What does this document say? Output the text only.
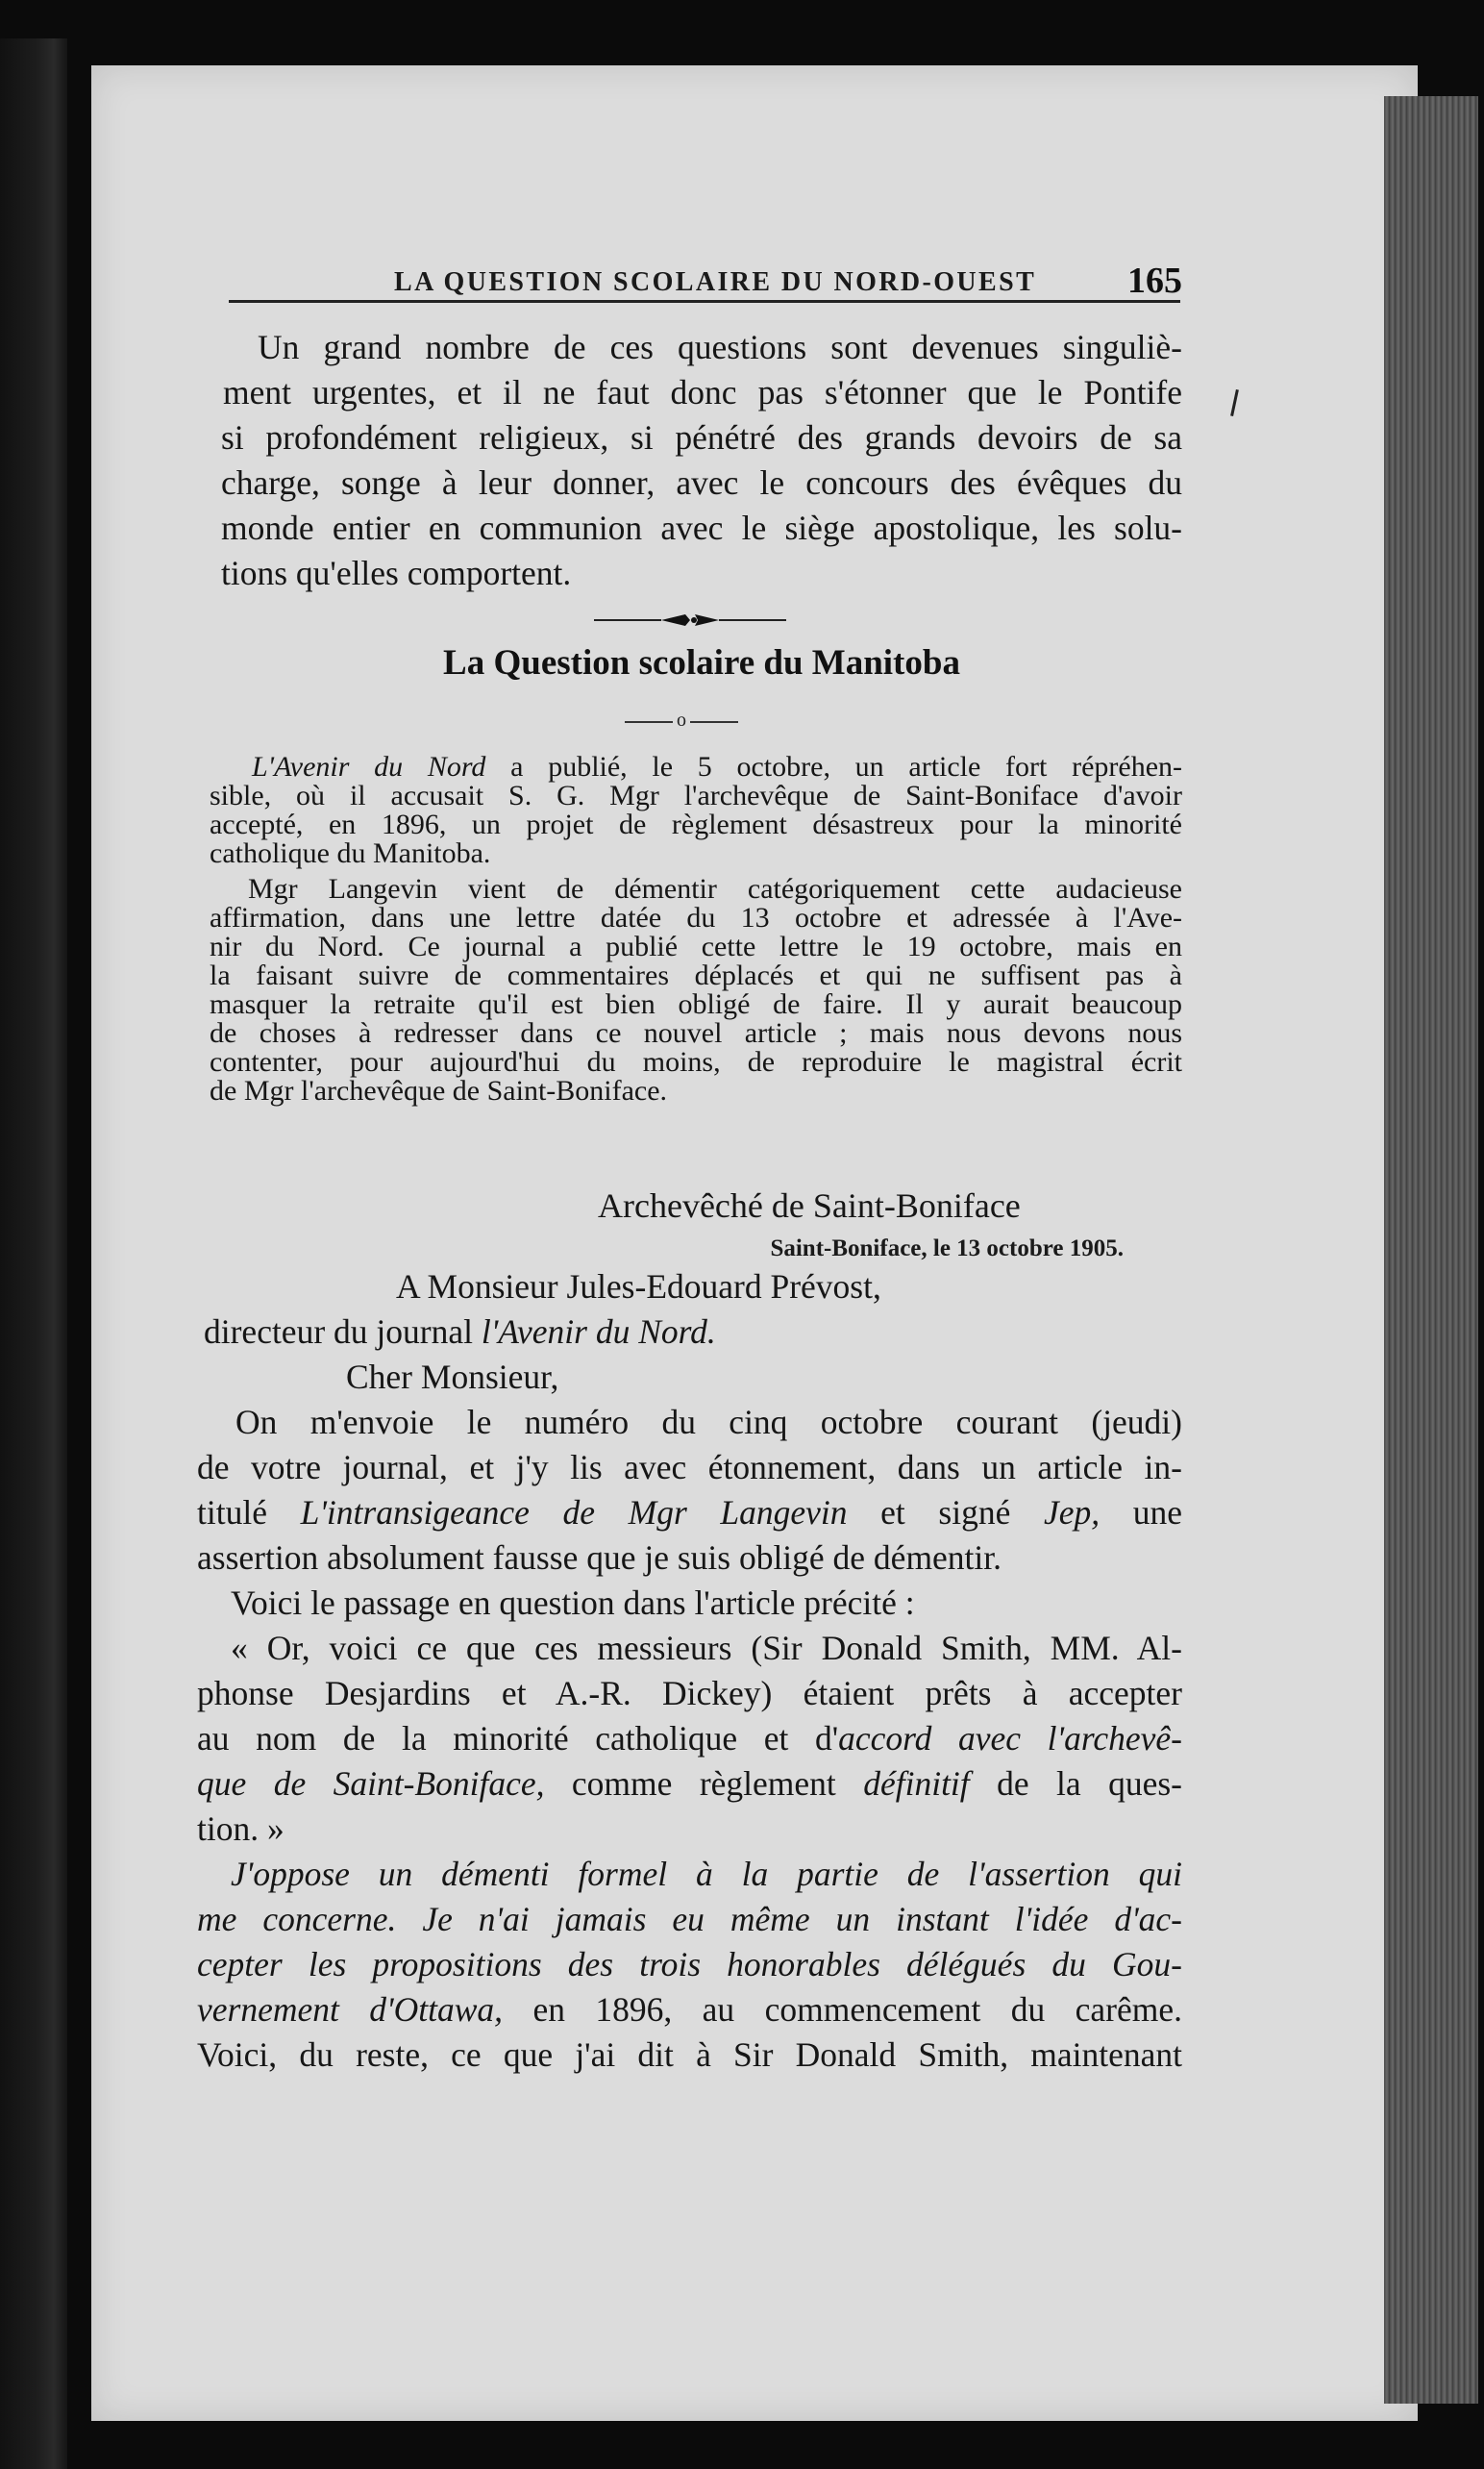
LA QUESTION SCOLAIRE DU NORD-OUEST 165
Un grand nombre de ces questions sont devenues singuliè-
ment urgentes, et il ne faut donc pas s'étonner que le Pontife
si profondément religieux, si pénétré des grands devoirs de sa
charge, songe à leur donner, avec le concours des évêques du
monde entier en communion avec le siège apostolique, les solu-
tions qu'elles comportent.
La Question scolaire du Manitoba
o
L'Avenir du Nord a publié, le 5 octobre, un article fort répréhen-
sible, où il accusait S. G. Mgr l'archevêque de Saint-Boniface d'avoir
accepté, en 1896, un projet de règlement désastreux pour la minorité
catholique du Manitoba.
Mgr Langevin vient de démentir catégoriquement cette audacieuse
affirmation, dans une lettre datée du 13 octobre et adressée à l'Ave-
nir du Nord. Ce journal a publié cette lettre le 19 octobre, mais en
la faisant suivre de commentaires déplacés et qui ne suffisent pas à
masquer la retraite qu'il est bien obligé de faire. Il y aurait beaucoup
de choses à redresser dans ce nouvel article ; mais nous devons nous
contenter, pour aujourd'hui du moins, de reproduire le magistral écrit
de Mgr l'archevêque de Saint-Boniface.
Archevêché de Saint-Boniface
Saint-Boniface, le 13 octobre 1905.
A Monsieur Jules-Edouard Prévost,
directeur du journal l'Avenir du Nord.
Cher Monsieur,
On m'envoie le numéro du cinq octobre courant (jeudi)
de votre journal, et j'y lis avec étonnement, dans un article in-
titulé L'intransigeance de Mgr Langevin et signé Jep, une
assertion absolument fausse que je suis obligé de démentir.
Voici le passage en question dans l'article précité :
« Or, voici ce que ces messieurs (Sir Donald Smith, MM. Al-
phonse Desjardins et A.-R. Dickey) étaient prêts à accepter
au nom de la minorité catholique et d'accord avec l'archevê-
que de Saint-Boniface, comme règlement définitif de la ques-
tion. »
J'oppose un démenti formel à la partie de l'assertion qui
me concerne. Je n'ai jamais eu même un instant l'idée d'ac-
cepter les propositions des trois honorables délégués du Gou-
vernement d'Ottawa, en 1896, au commencement du carême.
Voici, du reste, ce que j'ai dit à Sir Donald Smith, maintenant
